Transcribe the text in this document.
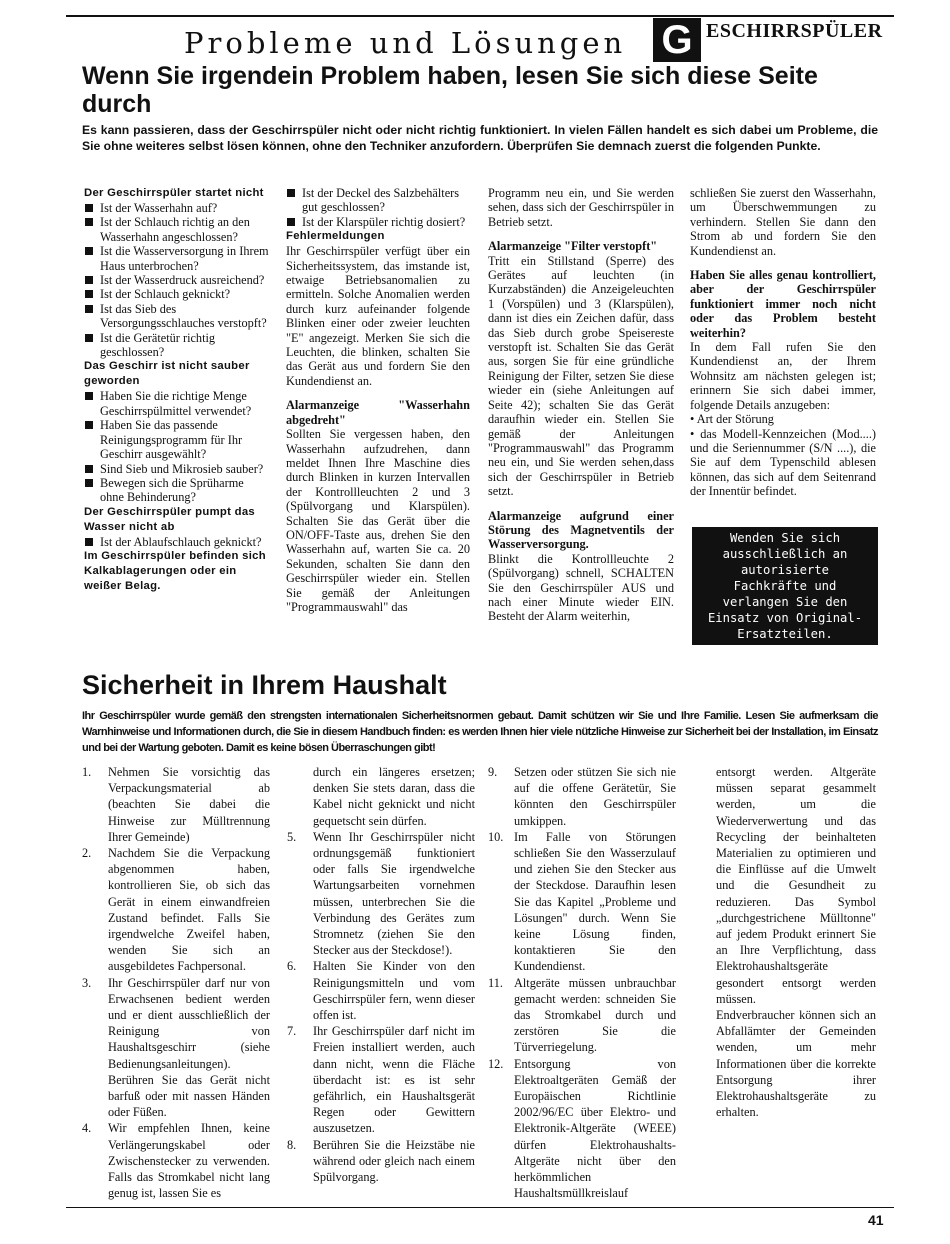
Probleme und Lösungen G ESCHIRRSPÜLER
Wenn Sie irgendein Problem haben, lesen Sie sich diese Seite durch
Es kann passieren, dass der Geschirrspüler nicht oder nicht richtig funktioniert. In vielen Fällen handelt es sich dabei um Probleme, die Sie ohne weiteres selbst lösen können, ohne den Techniker anzufordern. Überprüfen Sie demnach zuerst die folgenden Punkte.

Der Geschirrspüler startet nicht

Ist der Wasserhahn auf?

Ist der Schlauch richtig an den Wasserhahn angeschlossen?

Ist die Wasserversorgung in Ihrem Haus unterbrochen?

Ist der Wasserdruck ausreichend?

Ist der Schlauch geknickt?

Ist das Sieb des Versorgungsschlauches verstopft?

Ist die Gerätetür richtig geschlossen?

Das Geschirr ist nicht sauber geworden

Haben Sie die richtige Menge Geschirrspülmittel verwendet?

Haben Sie das passende Reinigungsprogramm für Ihr Geschirr ausgewählt?

Sind Sieb und Mikrosieb sauber?

Bewegen sich die Sprüharme ohne Behinderung?

Der Geschirrspüler pumpt das Wasser nicht ab

Ist der Ablaufschlauch geknickt?

Im Geschirrspüler befinden sich Kalkablagerungen oder ein weißer Belag.

Ist der Deckel des Salzbehälters gut geschlossen?

Ist der Klarspüler richtig dosiert?

Fehlermeldungen

Ihr Geschirrspüler verfügt über ein Sicherheitssystem, das imstande ist, etwaige Betriebsanomalien zu ermitteln. Solche Anomalien werden durch kurz aufeinander folgende Blinken einer oder zweier leuchten "E" angezeigt. Merken Sie sich die Leuchten, die blinken, schalten Sie das Gerät aus und fordern Sie den Kundendienst an.

Alarmanzeige "Wasserhahn abgedreht"

Sollten Sie vergessen haben, den Wasserhahn aufzudrehen, dann meldet Ihnen Ihre Maschine dies durch Blinken in kurzen Intervallen der Kontrollleuchten 2 und 3 (Spülvorgang und Klarspülen). Schalten Sie das Gerät über die ON/OFF-Taste aus, drehen Sie den Wasserhahn auf, warten Sie ca. 20 Sekunden, schalten Sie dann den Geschirrspüler wieder ein. Stellen Sie gemäß der Anleitungen "Programmauswahl" das

Programm neu ein, und Sie werden sehen, dass sich der Geschirrspüler in Betrieb setzt.

Alarmanzeige "Filter verstopft"

Tritt ein Stillstand (Sperre) des Gerätes auf leuchten (in Kurzabständen) die Anzeigeleuchten 1 (Vorspülen) und 3 (Klarspülen), dann ist dies ein Zeichen dafür, dass das Sieb durch grobe Speisereste verstopft ist. Schalten Sie das Gerät aus, sorgen Sie für eine gründliche Reinigung der Filter, setzen Sie diese wieder ein (siehe Anleitungen auf Seite 42); schalten Sie das Gerät daraufhin wieder ein. Stellen Sie gemäß der Anleitungen "Programmauswahl" das Programm neu ein, und Sie werden sehen,dass sich der Geschirrspüler in Betrieb setzt.

Alarmanzeige aufgrund einer Störung des Magnetventils der Wasserversorgung.

Blinkt die Kontrollleuchte 2 (Spülvorgang) schnell, SCHALTEN Sie den Geschirrspüler AUS und nach einer Minute wieder EIN. Besteht der Alarm weiterhin,

schließen Sie zuerst den Wasserhahn, um Überschwemmungen zu verhindern. Stellen Sie dann den Strom ab und fordern Sie den Kundendienst an.

Haben Sie alles genau kontrolliert, aber der Geschirrspüler funktioniert immer noch nicht oder das Problem besteht weiterhin?

In dem Fall rufen Sie den Kundendienst an, der Ihrem Wohnsitz am nächsten gelegen ist; erinnern Sie sich dabei immer, folgende Details anzugeben:

• Art der Störung

• das Modell-Kennzeichen (Mod....) und die Seriennummer (S/N ....), die Sie auf dem Typenschild ablesen können, das sich auf dem Seitenrand der Innentür befindet.

Wenden Sie sich ausschließlich an autorisierte Fachkräfte und verlangen Sie den Einsatz von Original-Ersatzteilen.
Sicherheit in Ihrem Haushalt
Ihr Geschirrspüler wurde gemäß den strengsten internationalen Sicherheitsnormen gebaut. Damit schützen wir Sie und Ihre Familie. Lesen Sie aufmerksam die Warnhinweise und Informationen durch, die Sie in diesem Handbuch finden: es werden Ihnen hier viele nützliche Hinweise zur Sicherheit bei der Installation, im Einsatz und bei der Wartung geboten. Damit es keine bösen Überraschungen gibt!
1. Nehmen Sie vorsichtig das Verpackungsmaterial ab (beachten Sie dabei die Hinweise zur Mülltrennung Ihrer Gemeinde)
2. Nachdem Sie die Verpackung abgenommen haben, kontrollieren Sie, ob sich das Gerät in einem einwandfreien Zustand befindet. Falls Sie irgendwelche Zweifel haben, wenden Sie sich an ausgebildetes Fachpersonal.
3. Ihr Geschirrspüler darf nur von Erwachsenen bedient werden und er dient ausschließlich der Reinigung von Haushaltsgeschirr (siehe Bedienungsanleitungen). Berühren Sie das Gerät nicht barfuß oder mit nassen Händen oder Füßen.
4. Wir empfehlen Ihnen, keine Verlängerungskabel oder Zwischenstecker zu verwenden. Falls das Stromkabel nicht lang genug ist, lassen Sie es
durch ein längeres ersetzen; denken Sie stets daran, dass die Kabel nicht geknickt und nicht gequetscht sein dürfen.
5. Wenn Ihr Geschirrspüler nicht ordnungsgemäß funktioniert oder falls Sie irgendwelche Wartungsarbeiten vornehmen müssen, unterbrechen Sie die Verbindung des Gerätes zum Stromnetz (ziehen Sie den Stecker aus der Steckdose!).
6. Halten Sie Kinder von den Reinigungsmitteln und vom Geschirrspüler fern, wenn dieser offen ist.
7. Ihr Geschirrspüler darf nicht im Freien installiert werden, auch dann nicht, wenn die Fläche überdacht ist: es ist sehr gefährlich, ein Haushaltsgerät Regen oder Gewittern auszusetzen.
8. Berühren Sie die Heizstäbe nie während oder gleich nach einem Spülvorgang.
9. Setzen oder stützen Sie sich nie auf die offene Gerätetür, Sie könnten den Geschirrspüler umkippen.
10. Im Falle von Störungen schließen Sie den Wasserzulauf und ziehen Sie den Stecker aus der Steckdose. Daraufhin lesen Sie das Kapitel „Probleme und Lösungen" durch. Wenn Sie keine Lösung finden, kontaktieren Sie den Kundendienst.
11. Altgeräte müssen unbrauchbar gemacht werden: schneiden Sie das Stromkabel durch und zerstören Sie die Türverriegelung.
12. Entsorgung von Elektroaltgeräten Gemäß der Europäischen Richtlinie 2002/96/EC über Elektro- und Elektronik-Altgeräte (WEEE) dürfen Elektrohaushalts-Altgeräte nicht über den herkömmlichen Haushaltsmüllkreislauf
entsorgt werden. Altgeräte müssen separat gesammelt werden, um die Wiederverwertung und das Recycling der beinhalteten Materialien zu optimieren und die Einflüsse auf die Umwelt und die Gesundheit zu reduzieren. Das Symbol „durchgestrichene Mülltonne" auf jedem Produkt erinnert Sie an Ihre Verpflichtung, dass Elektrohaushaltsgeräte gesondert entsorgt werden müssen.
Endverbraucher können sich an Abfallämter der Gemeinden wenden, um mehr Informationen über die korrekte Entsorgung ihrer Elektrohaushaltsgeräte zu erhalten.
41
